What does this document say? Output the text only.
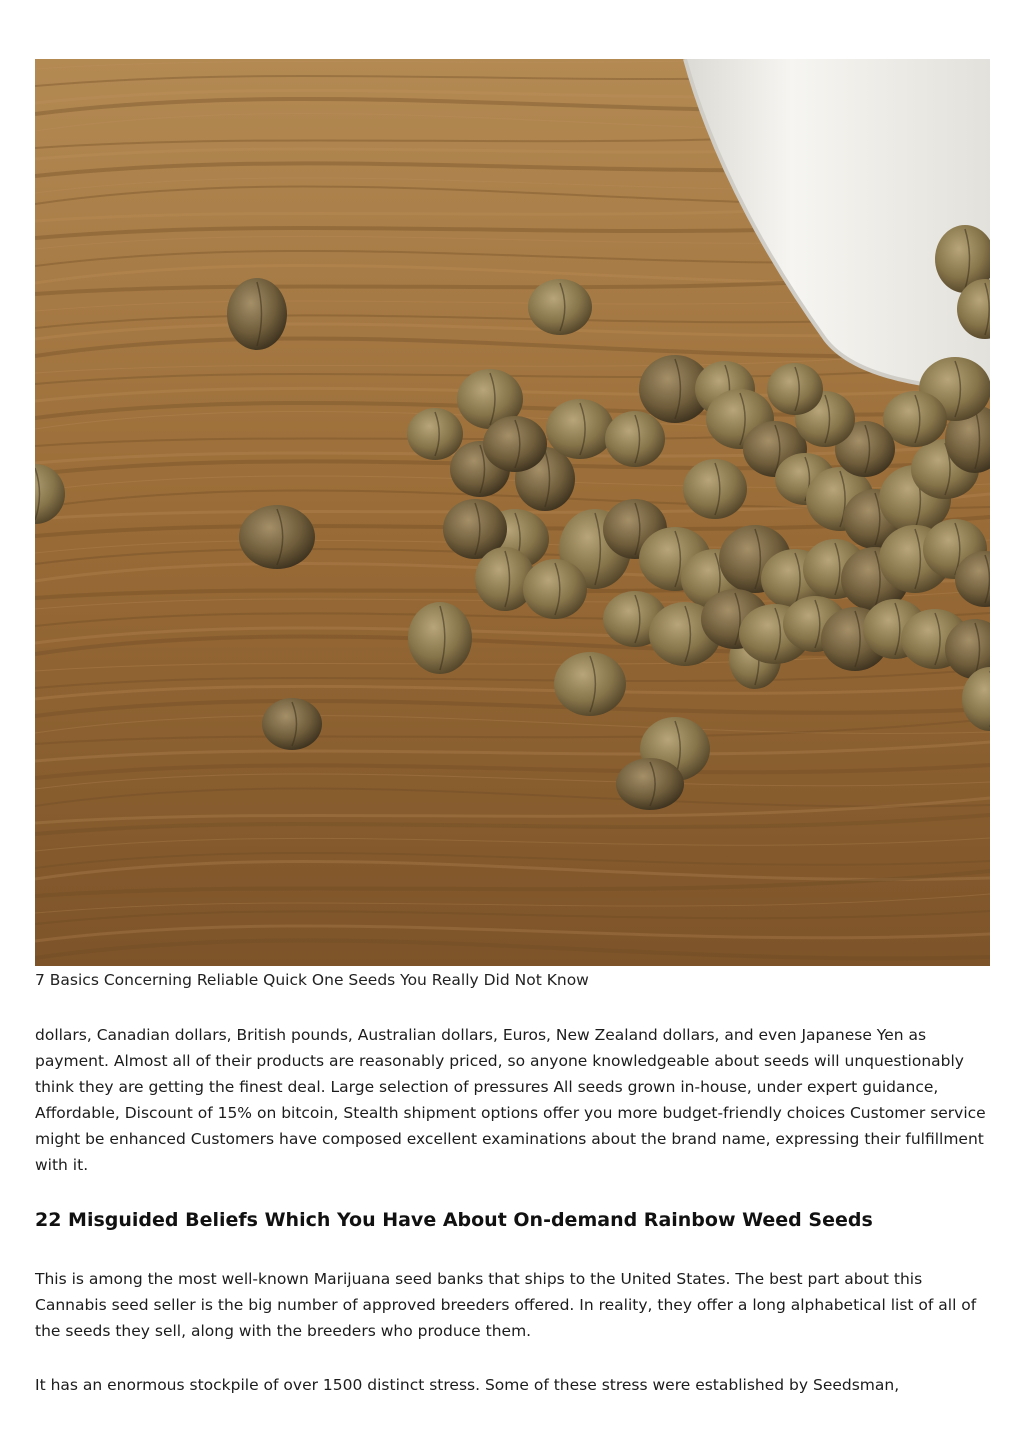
7 Basics Concerning Reliable Quick One Seeds You Really Did Not Know

dollars, Canadian dollars, British pounds, Australian dollars, Euros, New Zealand dollars, and even Japanese Yen as payment. Almost all of their products are reasonably priced, so anyone knowledgeable about seeds will unquestionably think they are getting the finest deal. Large selection of pressures All seeds grown in-house, under expert guidance, Affordable, Discount of 15% on bitcoin, Stealth shipment options offer you more budget-friendly choices Customer service might be enhanced Customers have composed excellent examinations about the brand name, expressing their fulfillment with it.

22 Misguided Beliefs Which You Have About On-demand Rainbow Weed Seeds

This is among the most well-known Marijuana seed banks that ships to the United States. The best part about this Cannabis seed seller is the big number of approved breeders offered. In reality, they offer a long alphabetical list of all of the seeds they sell, along with the breeders who produce them.

It has an enormous stockpile of over 1500 distinct stress. Some of these stress were established by Seedsman,
